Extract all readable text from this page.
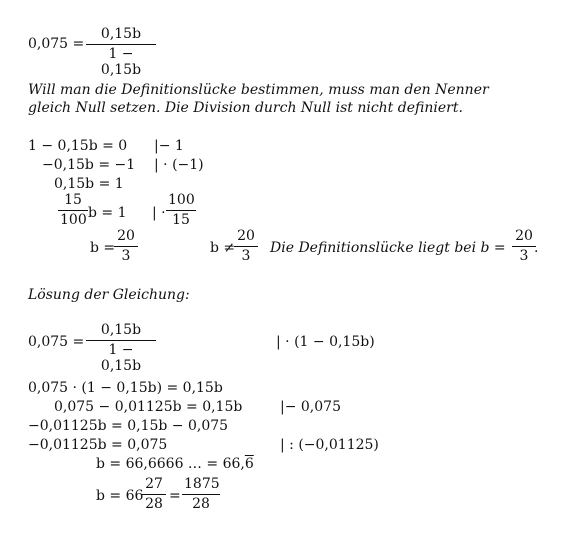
0,075 =
0,15b
1 − 0,15b
Will man die Definitionslücke bestimmen, muss man den Nenner
gleich Null setzen. Die Division durch Null ist nicht definiert.
1 − 0,15b = 0 |− 1
−0,15b = −1 | · (−1)
0,15b = 1
15
100 b = 1 | ·
100
15
b =
20
3	b ≠
20
3	Die Definitionslücke liegt bei b =
20
3 .
Lösung der Gleichung:
0,075 =
0,15b
1 − 0,15b
| · (1 − 0,15b)
0,075 · (1 − 0,15b) = 0,15b
0,075 − 0,01125b = 0,15b	|− 0,075
−0,01125b = 0,15b − 0,075
−0,01125b = 0,075	| : (−0,01125)
b = 66,6666 … = 66,6
b = 66
27
28 =
1875
28
